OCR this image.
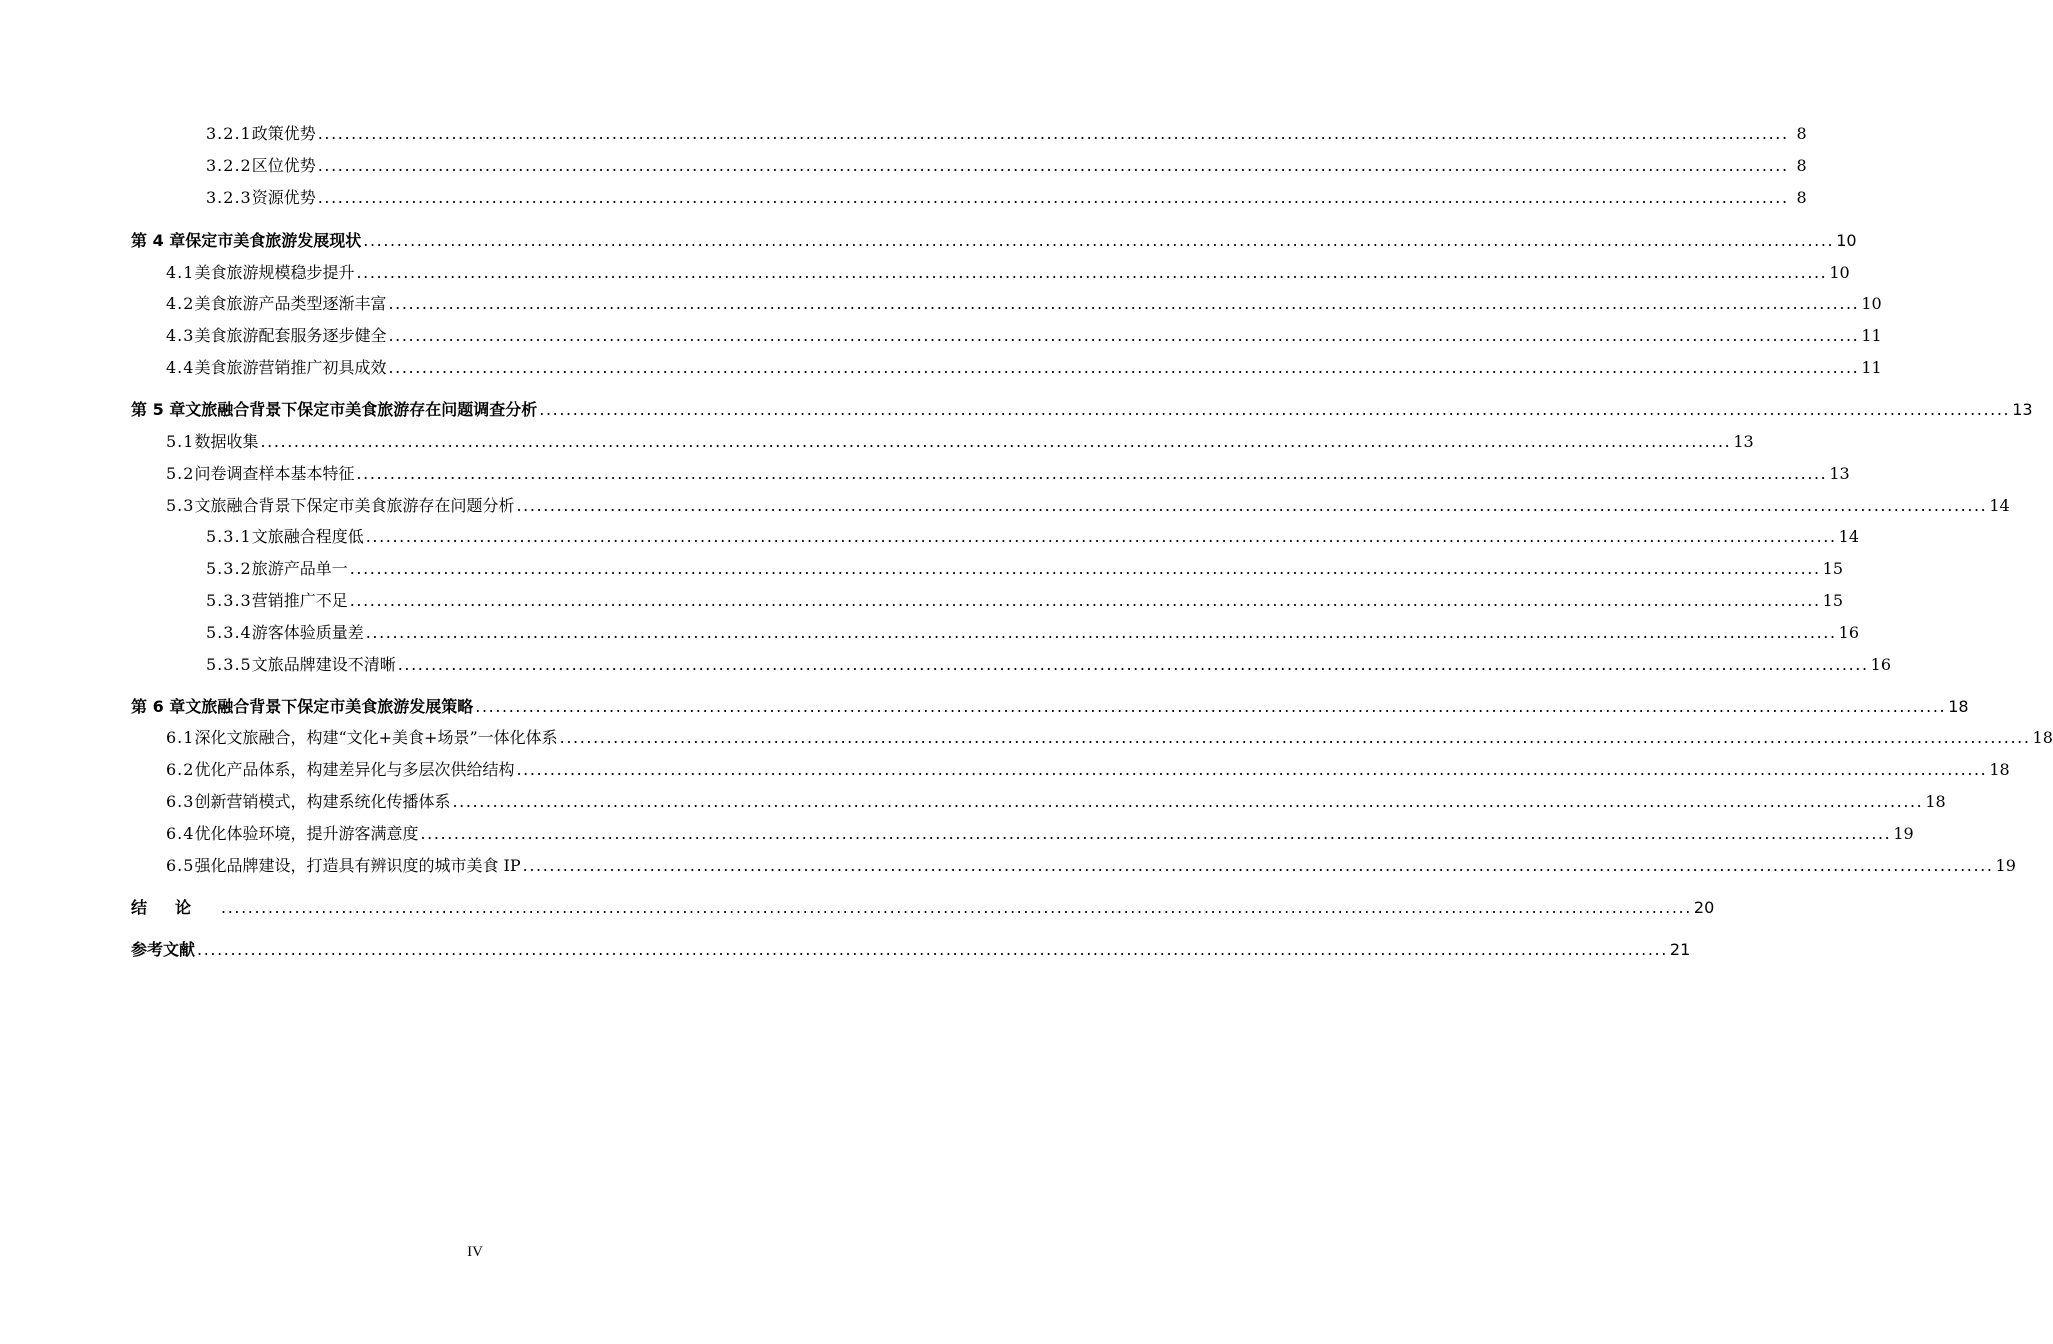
3.2.1 政策优势 ............................................................................................................................................................................................................................ 8
3.2.2 区位优势 ............................................................................................................................................................................................................................ 8
3.2.3 资源优势 ............................................................................................................................................................................................................................ 8
第 4 章 保定市美食旅游发展现状 ............................................................................................................................................................................................................................ 10
4.1 美食旅游规模稳步提升 ............................................................................................................................................................................................................................ 10
4.2 美食旅游产品类型逐渐丰富 ............................................................................................................................................................................................................................ 10
4.3 美食旅游配套服务逐步健全 ............................................................................................................................................................................................................................ 11
4.4 美食旅游营销推广初具成效 ............................................................................................................................................................................................................................ 11
第 5 章 文旅融合背景下保定市美食旅游存在问题调查分析 ............................................................................................................................................................................................................................ 13
5.1 数据收集 ............................................................................................................................................................................................................................ 13
5.2 问卷调查样本基本特征 ............................................................................................................................................................................................................................ 13
5.3 文旅融合背景下保定市美食旅游存在问题分析 ............................................................................................................................................................................................................................ 14
5.3.1 文旅融合程度低 ............................................................................................................................................................................................................................ 14
5.3.2 旅游产品单一 ............................................................................................................................................................................................................................ 15
5.3.3 营销推广不足 ............................................................................................................................................................................................................................ 15
5.3.4 游客体验质量差 ............................................................................................................................................................................................................................ 16
5.3.5 文旅品牌建设不清晰 ............................................................................................................................................................................................................................ 16
第 6 章 文旅融合背景下保定市美食旅游发展策略 ............................................................................................................................................................................................................................ 18
6.1 深化文旅融合，构建“文化+美食+场景”一体化体系 ............................................................................................................................................................................................................................ 18
6.2 优化产品体系，构建差异化与多层次供给结构 ............................................................................................................................................................................................................................ 18
6.3 创新营销模式，构建系统化传播体系 ............................................................................................................................................................................................................................ 18
6.4 优化体验环境，提升游客满意度 ............................................................................................................................................................................................................................ 19
6.5 强化品牌建设，打造具有辨识度的城市美食 IP ............................................................................................................................................................................................................................ 19
结论 ............................................................................................................................................................................................................................ 20
参考文献 ............................................................................................................................................................................................................................ 21
IV
